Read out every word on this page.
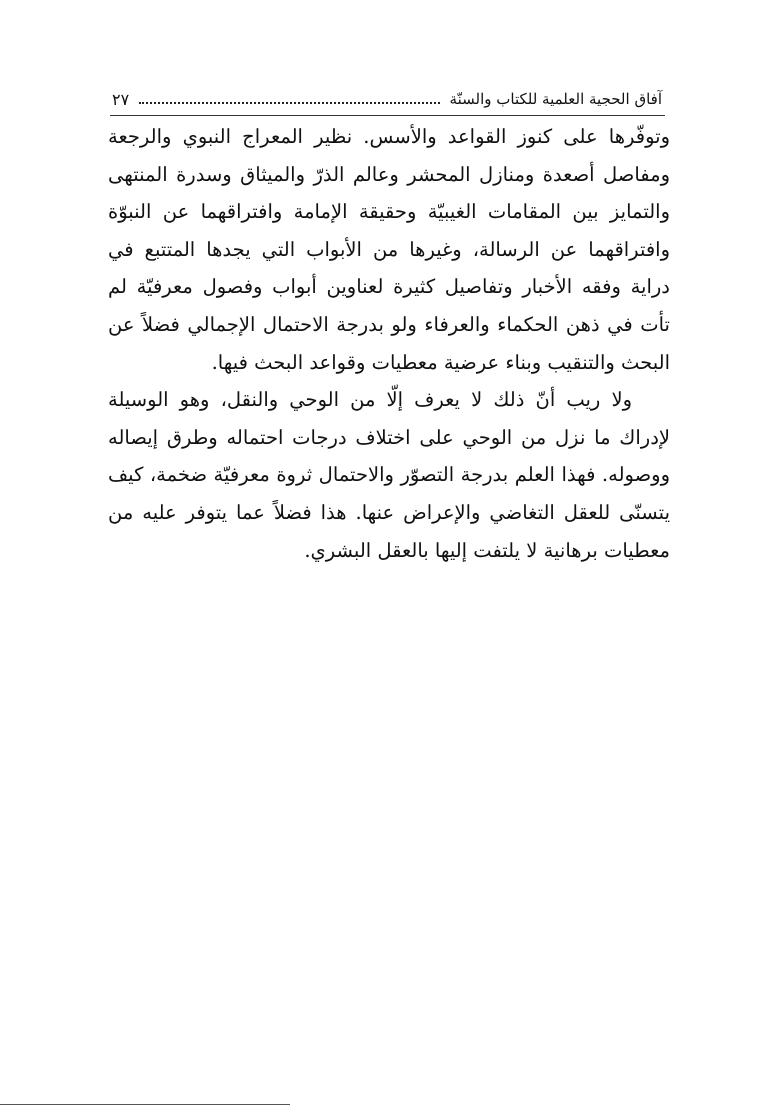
آفاق الحجية العلمية للكتاب والسنّة
٢٧

وتوفّرها على كنوز القواعد والأسس. نظير المعراج النبوي والرجعة ومفاصل أصعدة ومنازل المحشر وعالم الذرّ والميثاق وسدرة المنتهى والتمايز بين المقامات الغيبيّة وحقيقة الإمامة وافتراقهما عن النبوّة وافتراقهما عن الرسالة، وغيرها من الأبواب التي يجدها المتتبع في دراية وفقه الأخبار وتفاصيل كثيرة لعناوين أبواب وفصول معرفيّة لم تأت في ذهن الحكماء والعرفاء ولو بدرجة الاحتمال الإجمالي فضلاً عن البحث والتنقيب وبناء عرضية معطيات وقواعد البحث فيها.

ولا ريب أنّ ذلك لا يعرف إلّا من الوحي والنقل، وهو الوسيلة لإدراك ما نزل من الوحي على اختلاف درجات احتماله وطرق إيصاله ووصوله. فهذا العلم بدرجة التصوّر والاحتمال ثروة معرفيّة ضخمة، كيف يتسنّى للعقل التغاضي والإعراض عنها. هذا فضلاً عما يتوفر عليه من معطيات برهانية لا يلتفت إليها بالعقل البشري.
